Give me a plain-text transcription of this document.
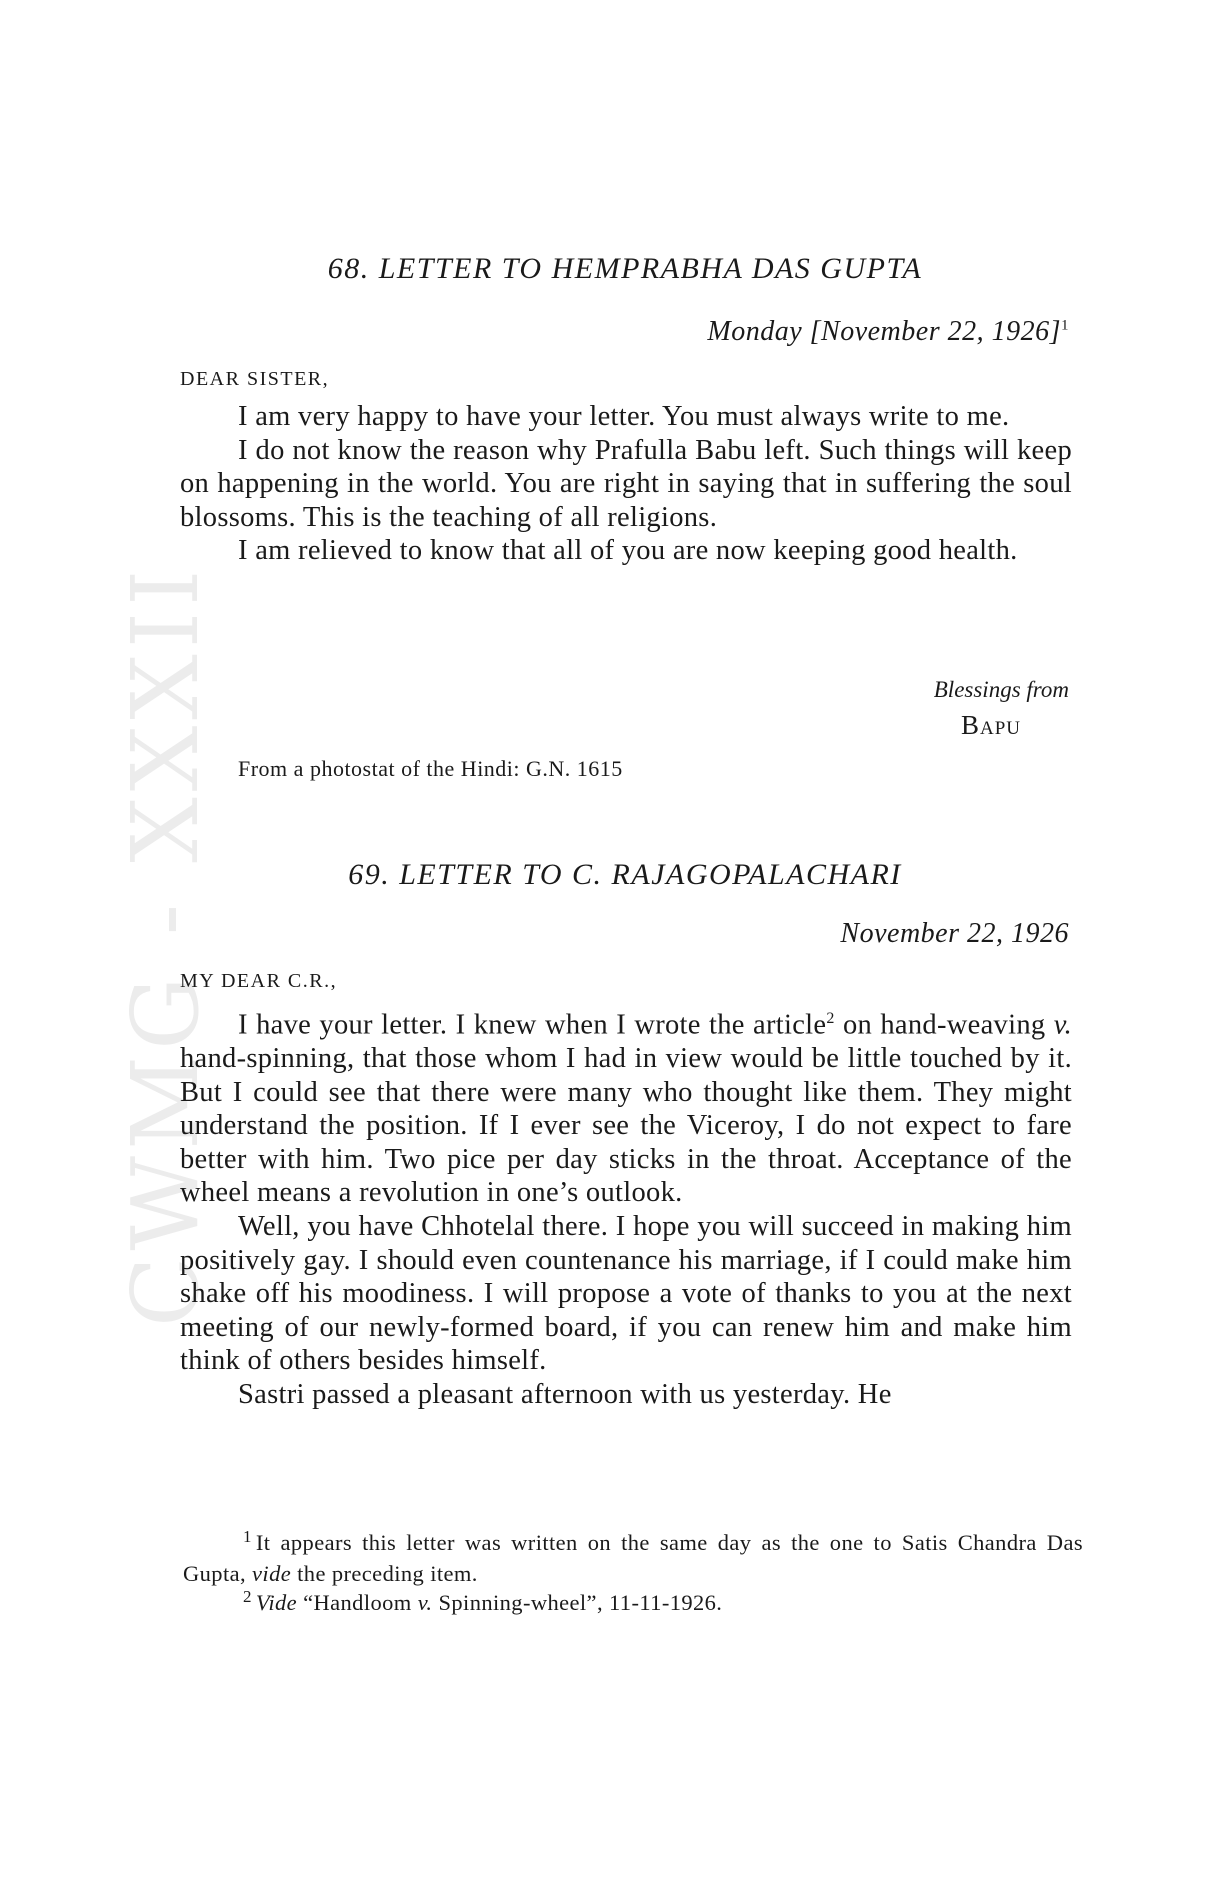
CWMG - XXXII
68. LETTER TO HEMPRABHA DAS GUPTA
Monday [November 22, 1926]$^1$
DEAR SISTER,

I am very happy to have your letter. You must always write to me.

I do not know the reason why Prafulla Babu left. Such things will keep on happening in the world. You are right in saying that in suffering the soul blossoms. This is the teaching of all religions.

I am relieved to know that all of you are now keeping good health.

Blessings from
Bapu
From a photostat of the Hindi: G.N. 1615
69. LETTER TO C. RAJAGOPALACHARI
November 22, 1926
MY DEAR C.R.,

I have your letter. I knew when I wrote the article$^2$ on hand-weaving v. hand-spinning, that those whom I had in view would be little touched by it. But I could see that there were many who thought like them. They might understand the position. If I ever see the Viceroy, I do not expect to fare better with him. Two pice per day sticks in the throat. Acceptance of the wheel means a revolution in one’s outlook.

Well, you have Chhotelal there. I hope you will succeed in making him positively gay. I should even countenance his marriage, if I could make him shake off his moodiness. I will propose a vote of thanks to you at the next meeting of our newly-formed board, if you can renew him and make him think of others besides himself.

Sastri passed a pleasant afternoon with us yesterday. He

$^1$ It appears this letter was written on the same day as the one to Satis Chandra Das Gupta, vide the preceding item.

$^2$ Vide “Handloom v. Spinning-wheel”, 11-11-1926.
